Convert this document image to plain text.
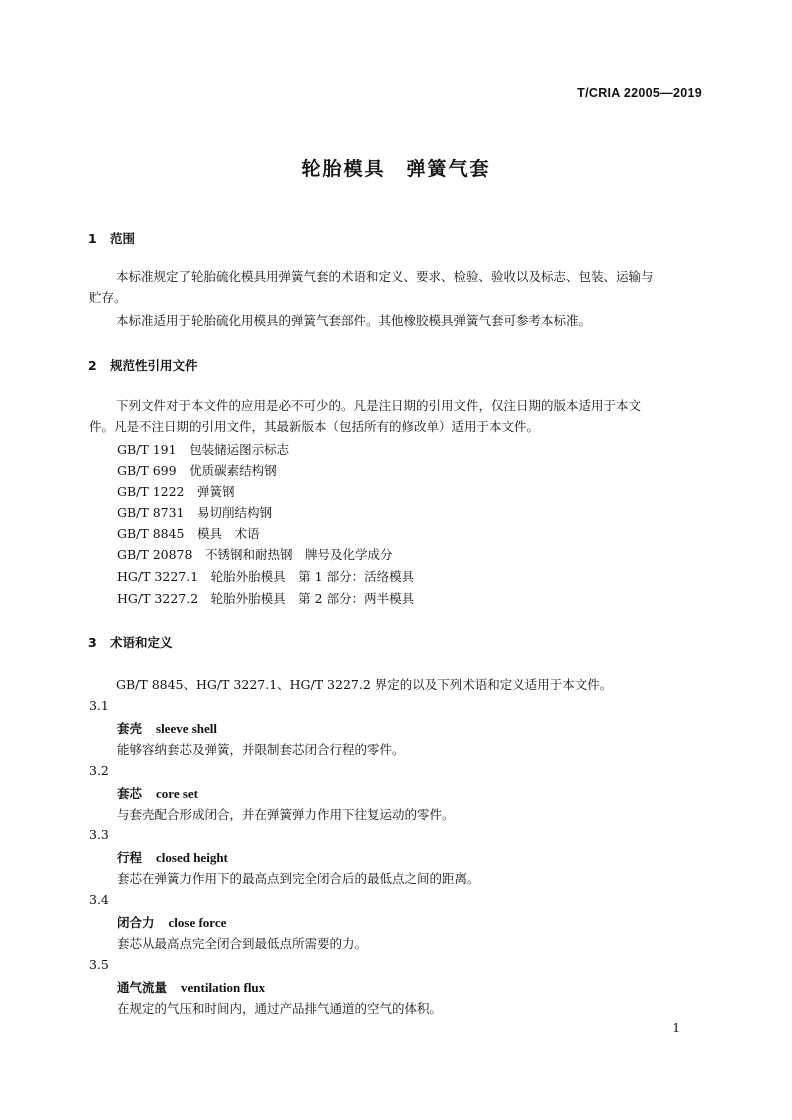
T/CRIA 22005—2019
轮胎模具　弹簧气套
1 范围
本标准规定了轮胎硫化模具用弹簧气套的术语和定义、要求、检验、验收以及标志、包装、运输与
贮存。
本标准适用于轮胎硫化用模具的弹簧气套部件。其他橡胶模具弹簧气套可参考本标准。
2 规范性引用文件
下列文件对于本文件的应用是必不可少的。凡是注日期的引用文件，仅注日期的版本适用于本文
件。凡是不注日期的引用文件，其最新版本（包括所有的修改单）适用于本文件。
GB/T 191　 包装储运图示标志
GB/T 699　 优质碳素结构钢
GB/T 1222　 弹簧钢
GB/T 8731　 易切削结构钢
GB/T 8845　 模具　术语
GB/T 20878　 不锈钢和耐热钢　牌号及化学成分
HG/T 3227.1　 轮胎外胎模具　第 1 部分：活络模具
HG/T 3227.2　 轮胎外胎模具　第 2 部分：两半模具
3 术语和定义
GB/T 8845、HG/T 3227.1、HG/T 3227.2 界定的以及下列术语和定义适用于本文件。
3.1
套壳 sleeve shell
能够容纳套芯及弹簧，并限制套芯闭合行程的零件。
3.2
套芯 core set
与套壳配合形成闭合，并在弹簧弹力作用下往复运动的零件。
3.3
行程 closed height
套芯在弹簧力作用下的最高点到完全闭合后的最低点之间的距离。
3.4
闭合力 close force
套芯从最高点完全闭合到最低点所需要的力。
3.5
通气流量 ventilation flux
在规定的气压和时间内，通过产品排气通道的空气的体积。
1
